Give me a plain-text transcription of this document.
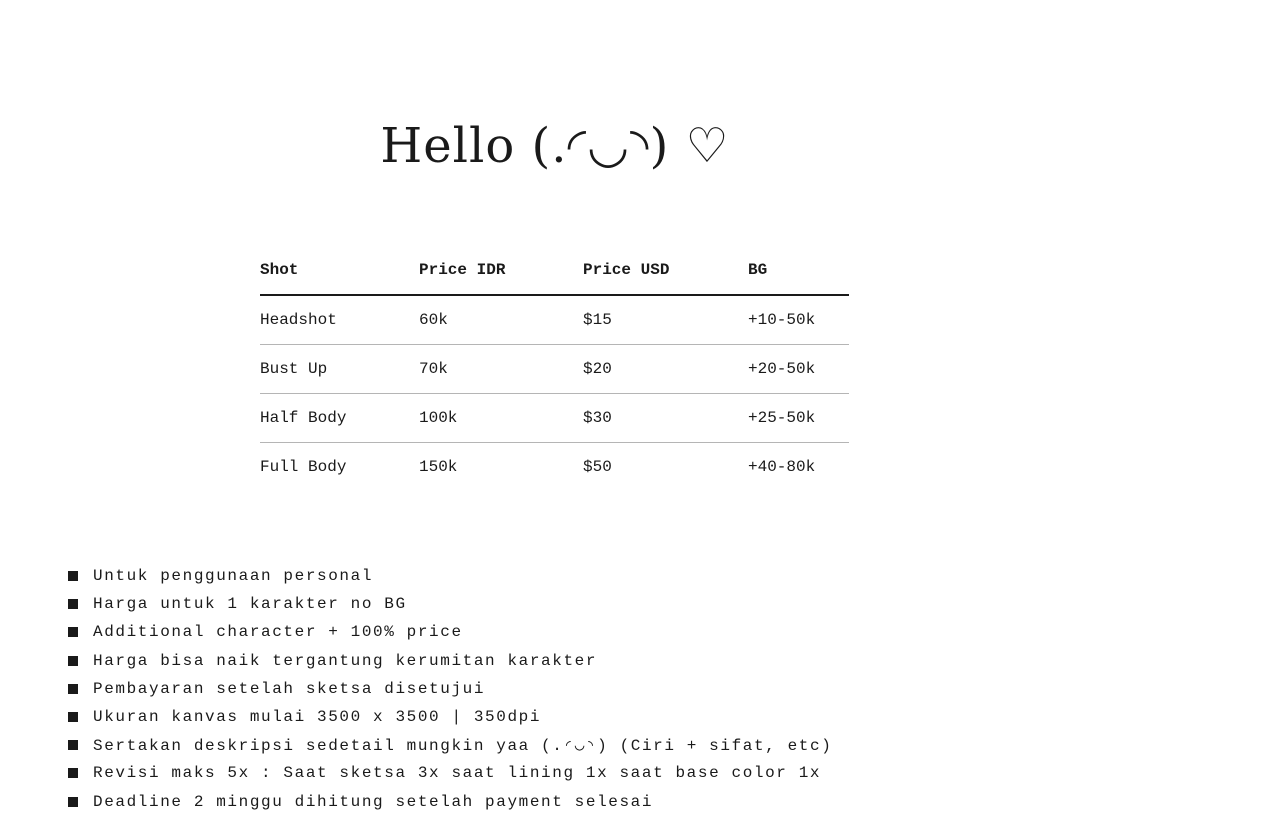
Hello (.◜◡◝) ♡
Shot	Price IDR	Price USD	BG
Headshot	60k	$15	+10-50k
Bust Up	70k	$20	+20-50k
Half Body	100k	$30	+25-50k
Full Body	150k	$50	+40-80k
Untuk penggunaan personal
Harga untuk 1 karakter no BG
Additional character + 100% price
Harga bisa naik tergantung kerumitan karakter
Pembayaran setelah sketsa disetujui
Ukuran kanvas mulai 3500 x 3500 | 350dpi
Sertakan deskripsi sedetail mungkin yaa (.◜◡◝) (Ciri + sifat, etc)
Revisi maks 5x : Saat sketsa 3x saat lining 1x saat base color 1x
Deadline 2 minggu dihitung setelah payment selesai
